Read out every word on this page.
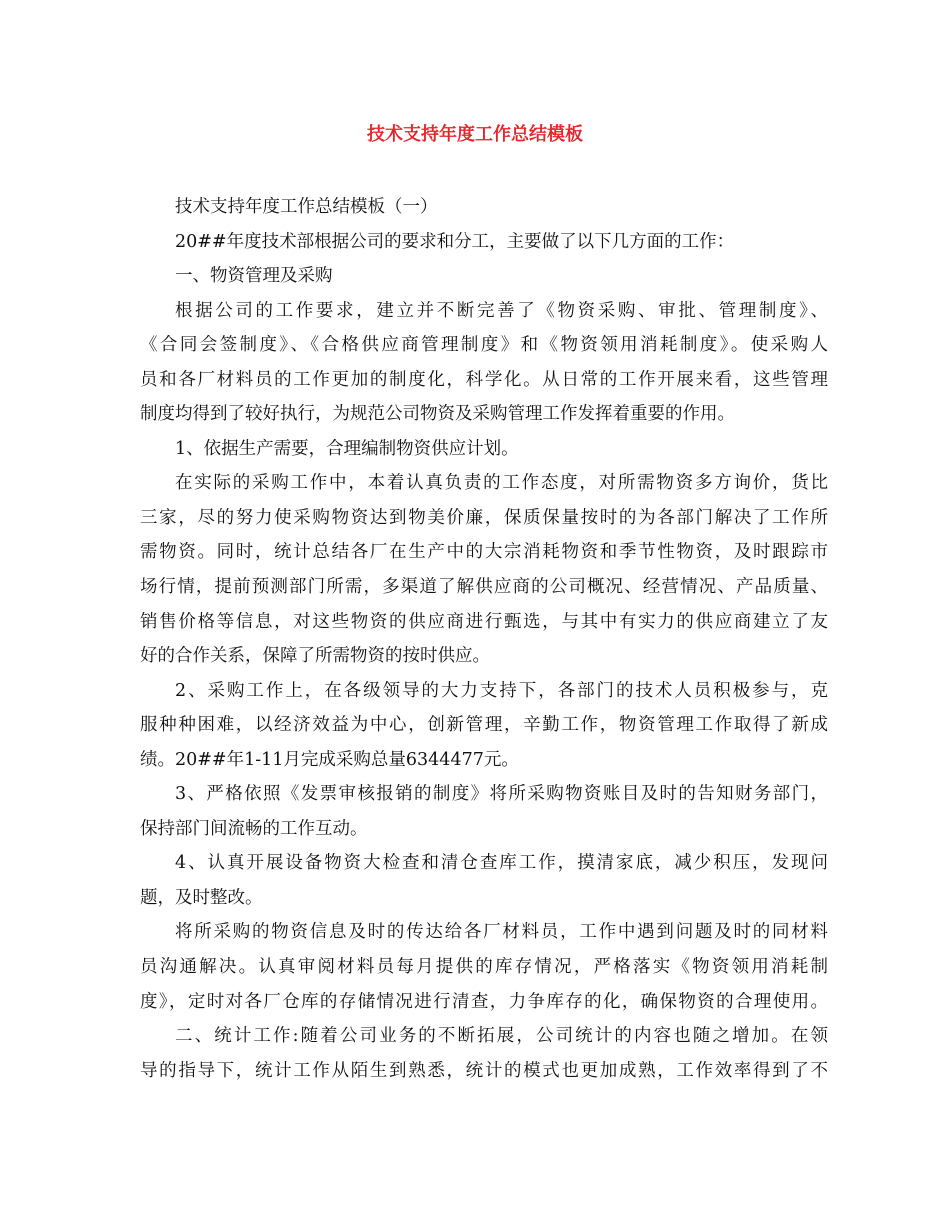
技术支持年度工作总结模板

技术支持年度工作总结模板（一）

20##年度技术部根据公司的要求和分工，主要做了以下几方面的工作：

一、物资管理及采购

根据公司的工作要求，建立并不断完善了《物资采购、审批、管理制度》、

《合同会签制度》、《合格供应商管理制度》和《物资领用消耗制度》。使采购人

员和各厂材料员的工作更加的制度化，科学化。从日常的工作开展来看，这些管理

制度均得到了较好执行，为规范公司物资及采购管理工作发挥着重要的作用。

1、依据生产需要，合理编制物资供应计划。

在实际的采购工作中，本着认真负责的工作态度，对所需物资多方询价，货比

三家，尽的努力使采购物资达到物美价廉，保质保量按时的为各部门解决了工作所

需物资。同时，统计总结各厂在生产中的大宗消耗物资和季节性物资，及时跟踪市

场行情，提前预测部门所需，多渠道了解供应商的公司概况、经营情况、产品质量、

销售价格等信息，对这些物资的供应商进行甄选，与其中有实力的供应商建立了友

好的合作关系，保障了所需物资的按时供应。

2、采购工作上，在各级领导的大力支持下，各部门的技术人员积极参与，克

服种种困难，以经济效益为中心，创新管理，辛勤工作，物资管理工作取得了新成

绩。20##年1-11月完成采购总量6344477元。

3、严格依照《发票审核报销的制度》将所采购物资账目及时的告知财务部门，

保持部门间流畅的工作互动。

4、认真开展设备物资大检查和清仓查库工作，摸清家底，减少积压，发现问

题，及时整改。

将所采购的物资信息及时的传达给各厂材料员，工作中遇到问题及时的同材料

员沟通解决。认真审阅材料员每月提供的库存情况，严格落实《物资领用消耗制

度》，定时对各厂仓库的存储情况进行清查，力争库存的化，确保物资的合理使用。

二、统计工作:随着公司业务的不断拓展，公司统计的内容也随之增加。在领

导的指导下，统计工作从陌生到熟悉，统计的模式也更加成熟，工作效率得到了不
